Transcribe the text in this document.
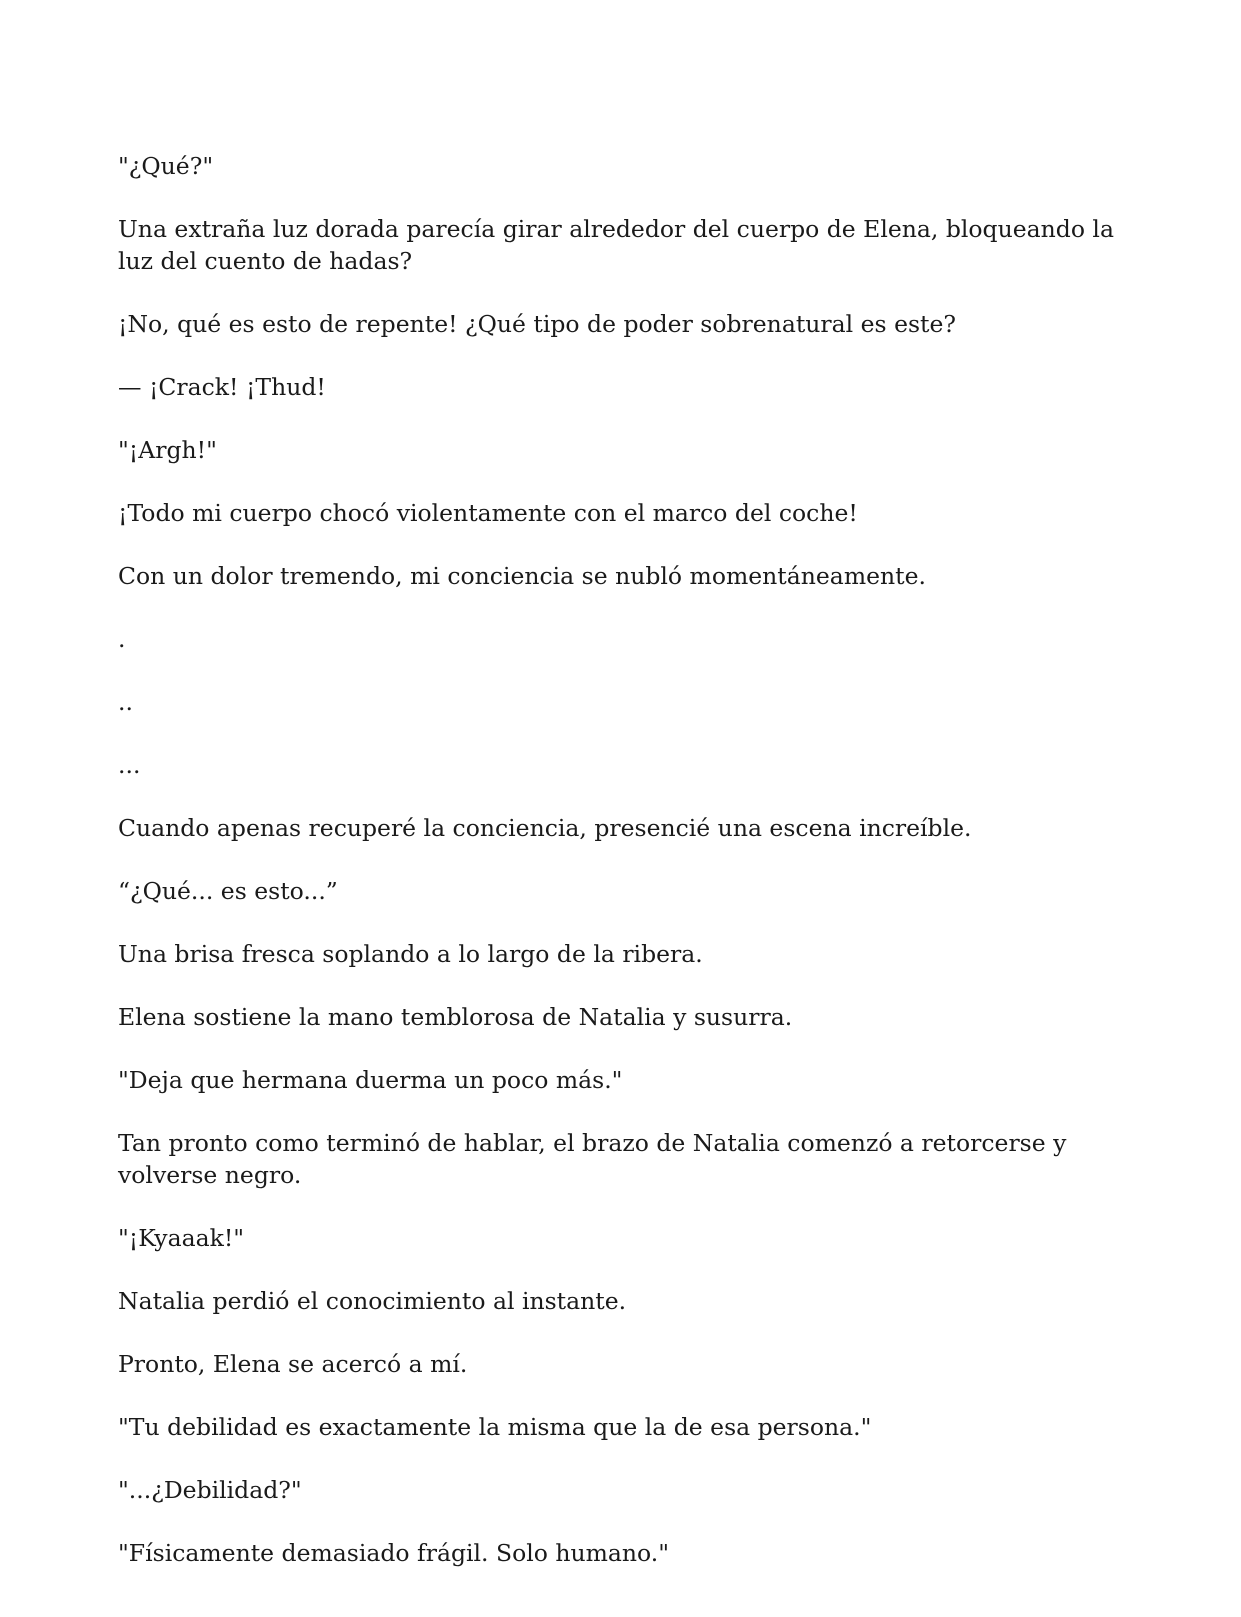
"¿Qué?"

Una extraña luz dorada parecía girar alrededor del cuerpo de Elena, bloqueando la luz del cuento de hadas?

¡No, qué es esto de repente! ¿Qué tipo de poder sobrenatural es este?

— ¡Crack! ¡Thud!

"¡Argh!"

¡Todo mi cuerpo chocó violentamente con el marco del coche!

Con un dolor tremendo, mi conciencia se nubló momentáneamente.

.

..

...

Cuando apenas recuperé la conciencia, presencié una escena increíble.

“¿Qué... es esto...”

Una brisa fresca soplando a lo largo de la ribera.

Elena sostiene la mano temblorosa de Natalia y susurra.

"Deja que hermana duerma un poco más."

Tan pronto como terminó de hablar, el brazo de Natalia comenzó a retorcerse y volverse negro.

"¡Kyaaak!"

Natalia perdió el conocimiento al instante.

Pronto, Elena se acercó a mí.

"Tu debilidad es exactamente la misma que la de esa persona."

"...¿Debilidad?"

"Físicamente demasiado frágil. Solo humano."
